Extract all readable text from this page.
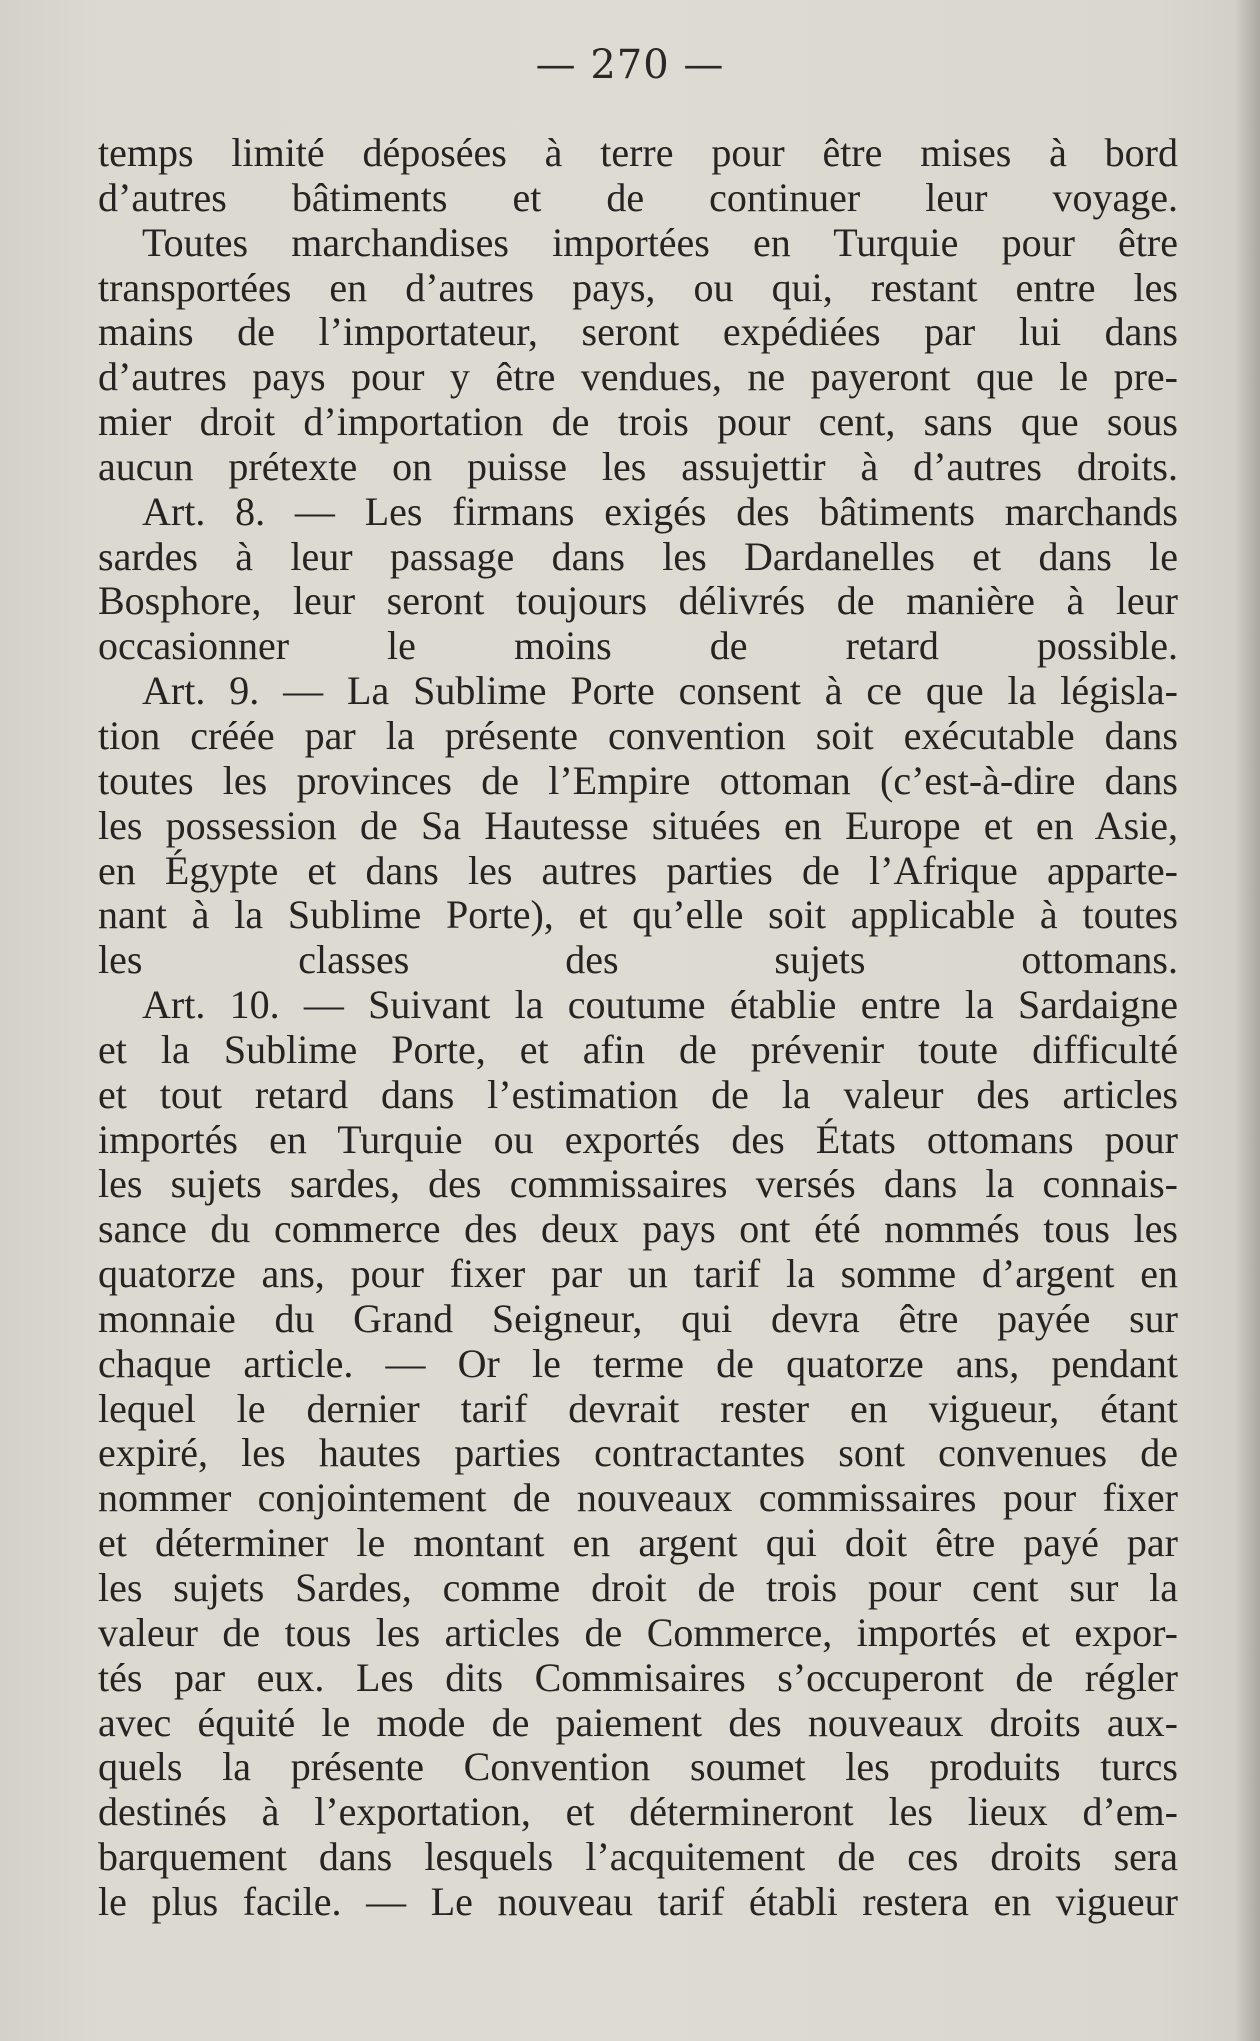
— 270 —
temps limité déposées à terre pour être mises à bord
d’autres bâtiments et de continuer leur voyage.
Toutes marchandises importées en Turquie pour être
transportées en d’autres pays, ou qui, restant entre les
mains de l’importateur, seront expédiées par lui dans
d’autres pays pour y être vendues, ne payeront que le pre-
mier droit d’importation de trois pour cent, sans que sous
aucun prétexte on puisse les assujettir à d’autres droits.
Art. 8. — Les firmans exigés des bâtiments marchands
sardes à leur passage dans les Dardanelles et dans le
Bosphore, leur seront toujours délivrés de manière à leur
occasionner le moins de retard possible.
Art. 9. — La Sublime Porte consent à ce que la législa-
tion créée par la présente convention soit exécutable dans
toutes les provinces de l’Empire ottoman (c’est-à-dire dans
les possession de Sa Hautesse situées en Europe et en Asie,
en Égypte et dans les autres parties de l’Afrique apparte-
nant à la Sublime Porte), et qu’elle soit applicable à toutes
les classes des sujets ottomans.
Art. 10. — Suivant la coutume établie entre la Sardaigne
et la Sublime Porte, et afin de prévenir toute difficulté
et tout retard dans l’estimation de la valeur des articles
importés en Turquie ou exportés des États ottomans pour
les sujets sardes, des commissaires versés dans la connais-
sance du commerce des deux pays ont été nommés tous les
quatorze ans, pour fixer par un tarif la somme d’argent en
monnaie du Grand Seigneur, qui devra être payée sur
chaque article. — Or le terme de quatorze ans, pendant
lequel le dernier tarif devrait rester en vigueur, étant
expiré, les hautes parties contractantes sont convenues de
nommer conjointement de nouveaux commissaires pour fixer
et déterminer le montant en argent qui doit être payé par
les sujets Sardes, comme droit de trois pour cent sur la
valeur de tous les articles de Commerce, importés et expor-
tés par eux. Les dits Commisaires s’occuperont de régler
avec équité le mode de paiement des nouveaux droits aux-
quels la présente Convention soumet les produits turcs
destinés à l’exportation, et détermineront les lieux d’em-
barquement dans lesquels l’acquitement de ces droits sera
le plus facile. — Le nouveau tarif établi restera en vigueur
